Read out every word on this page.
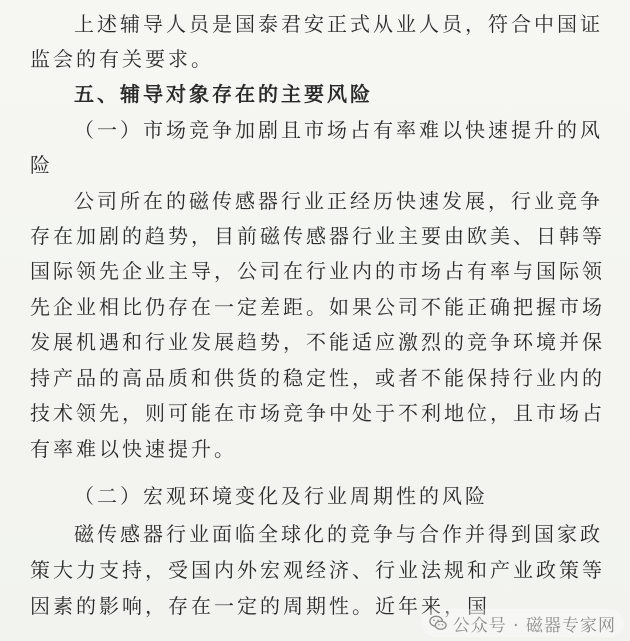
上述辅导人员是国泰君安正式从业人员，符合中国证
监会的有关要求。
五、辅导对象存在的主要风险
（一）市场竞争加剧且市场占有率难以快速提升的风
险
公司所在的磁传感器行业正经历快速发展，行业竞争
存在加剧的趋势，目前磁传感器行业主要由欧美、日韩等
国际领先企业主导，公司在行业内的市场占有率与国际领
先企业相比仍存在一定差距。如果公司不能正确把握市场
发展机遇和行业发展趋势，不能适应激烈的竞争环境并保
持产品的高品质和供货的稳定性，或者不能保持行业内的
技术领先，则可能在市场竞争中处于不利地位，且市场占
有率难以快速提升。
（二）宏观环境变化及行业周期性的风险
磁传感器行业面临全球化的竞争与合作并得到国家政
策大力支持，受国内外宏观经济、行业法规和产业政策等
因素的影响，存在一定的周期性。近年来，国
公众号 · 磁器专家网
